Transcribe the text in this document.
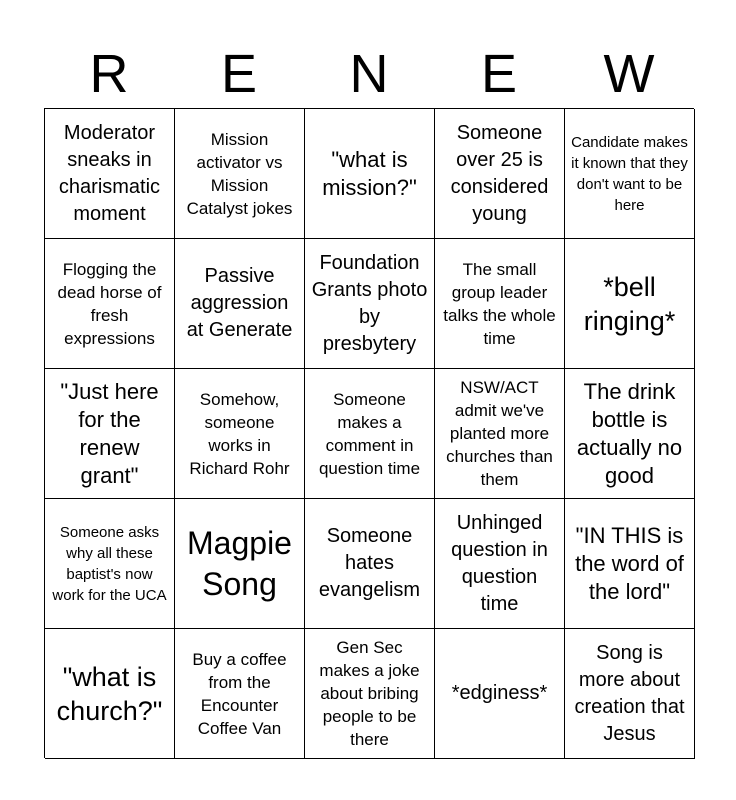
R	E	N	E	W
Moderator sneaks in charismatic moment
Mission activator vs Mission Catalyst jokes
"what is mission?"
Someone over 25 is considered young
Candidate makes it known that they don't want to be here
Flogging the dead horse of fresh expressions
Passive aggression at Generate
Foundation Grants photo by presbytery
The small group leader talks the whole time
*bell ringing*
"Just here for the renew grant"
Somehow, someone works in Richard Rohr
Someone makes a comment in question time
NSW/ACT admit we've planted more churches than them
The drink bottle is actually no good
Someone asks why all these baptist's now work for the UCA
Magpie Song
Someone hates evangelism
Unhinged question in question time
"IN THIS is the word of the lord"
"what is church?"
Buy a coffee from the Encounter Coffee Van
Gen Sec makes a joke about bribing people to be there
*edginess*
Song is more about creation that Jesus
